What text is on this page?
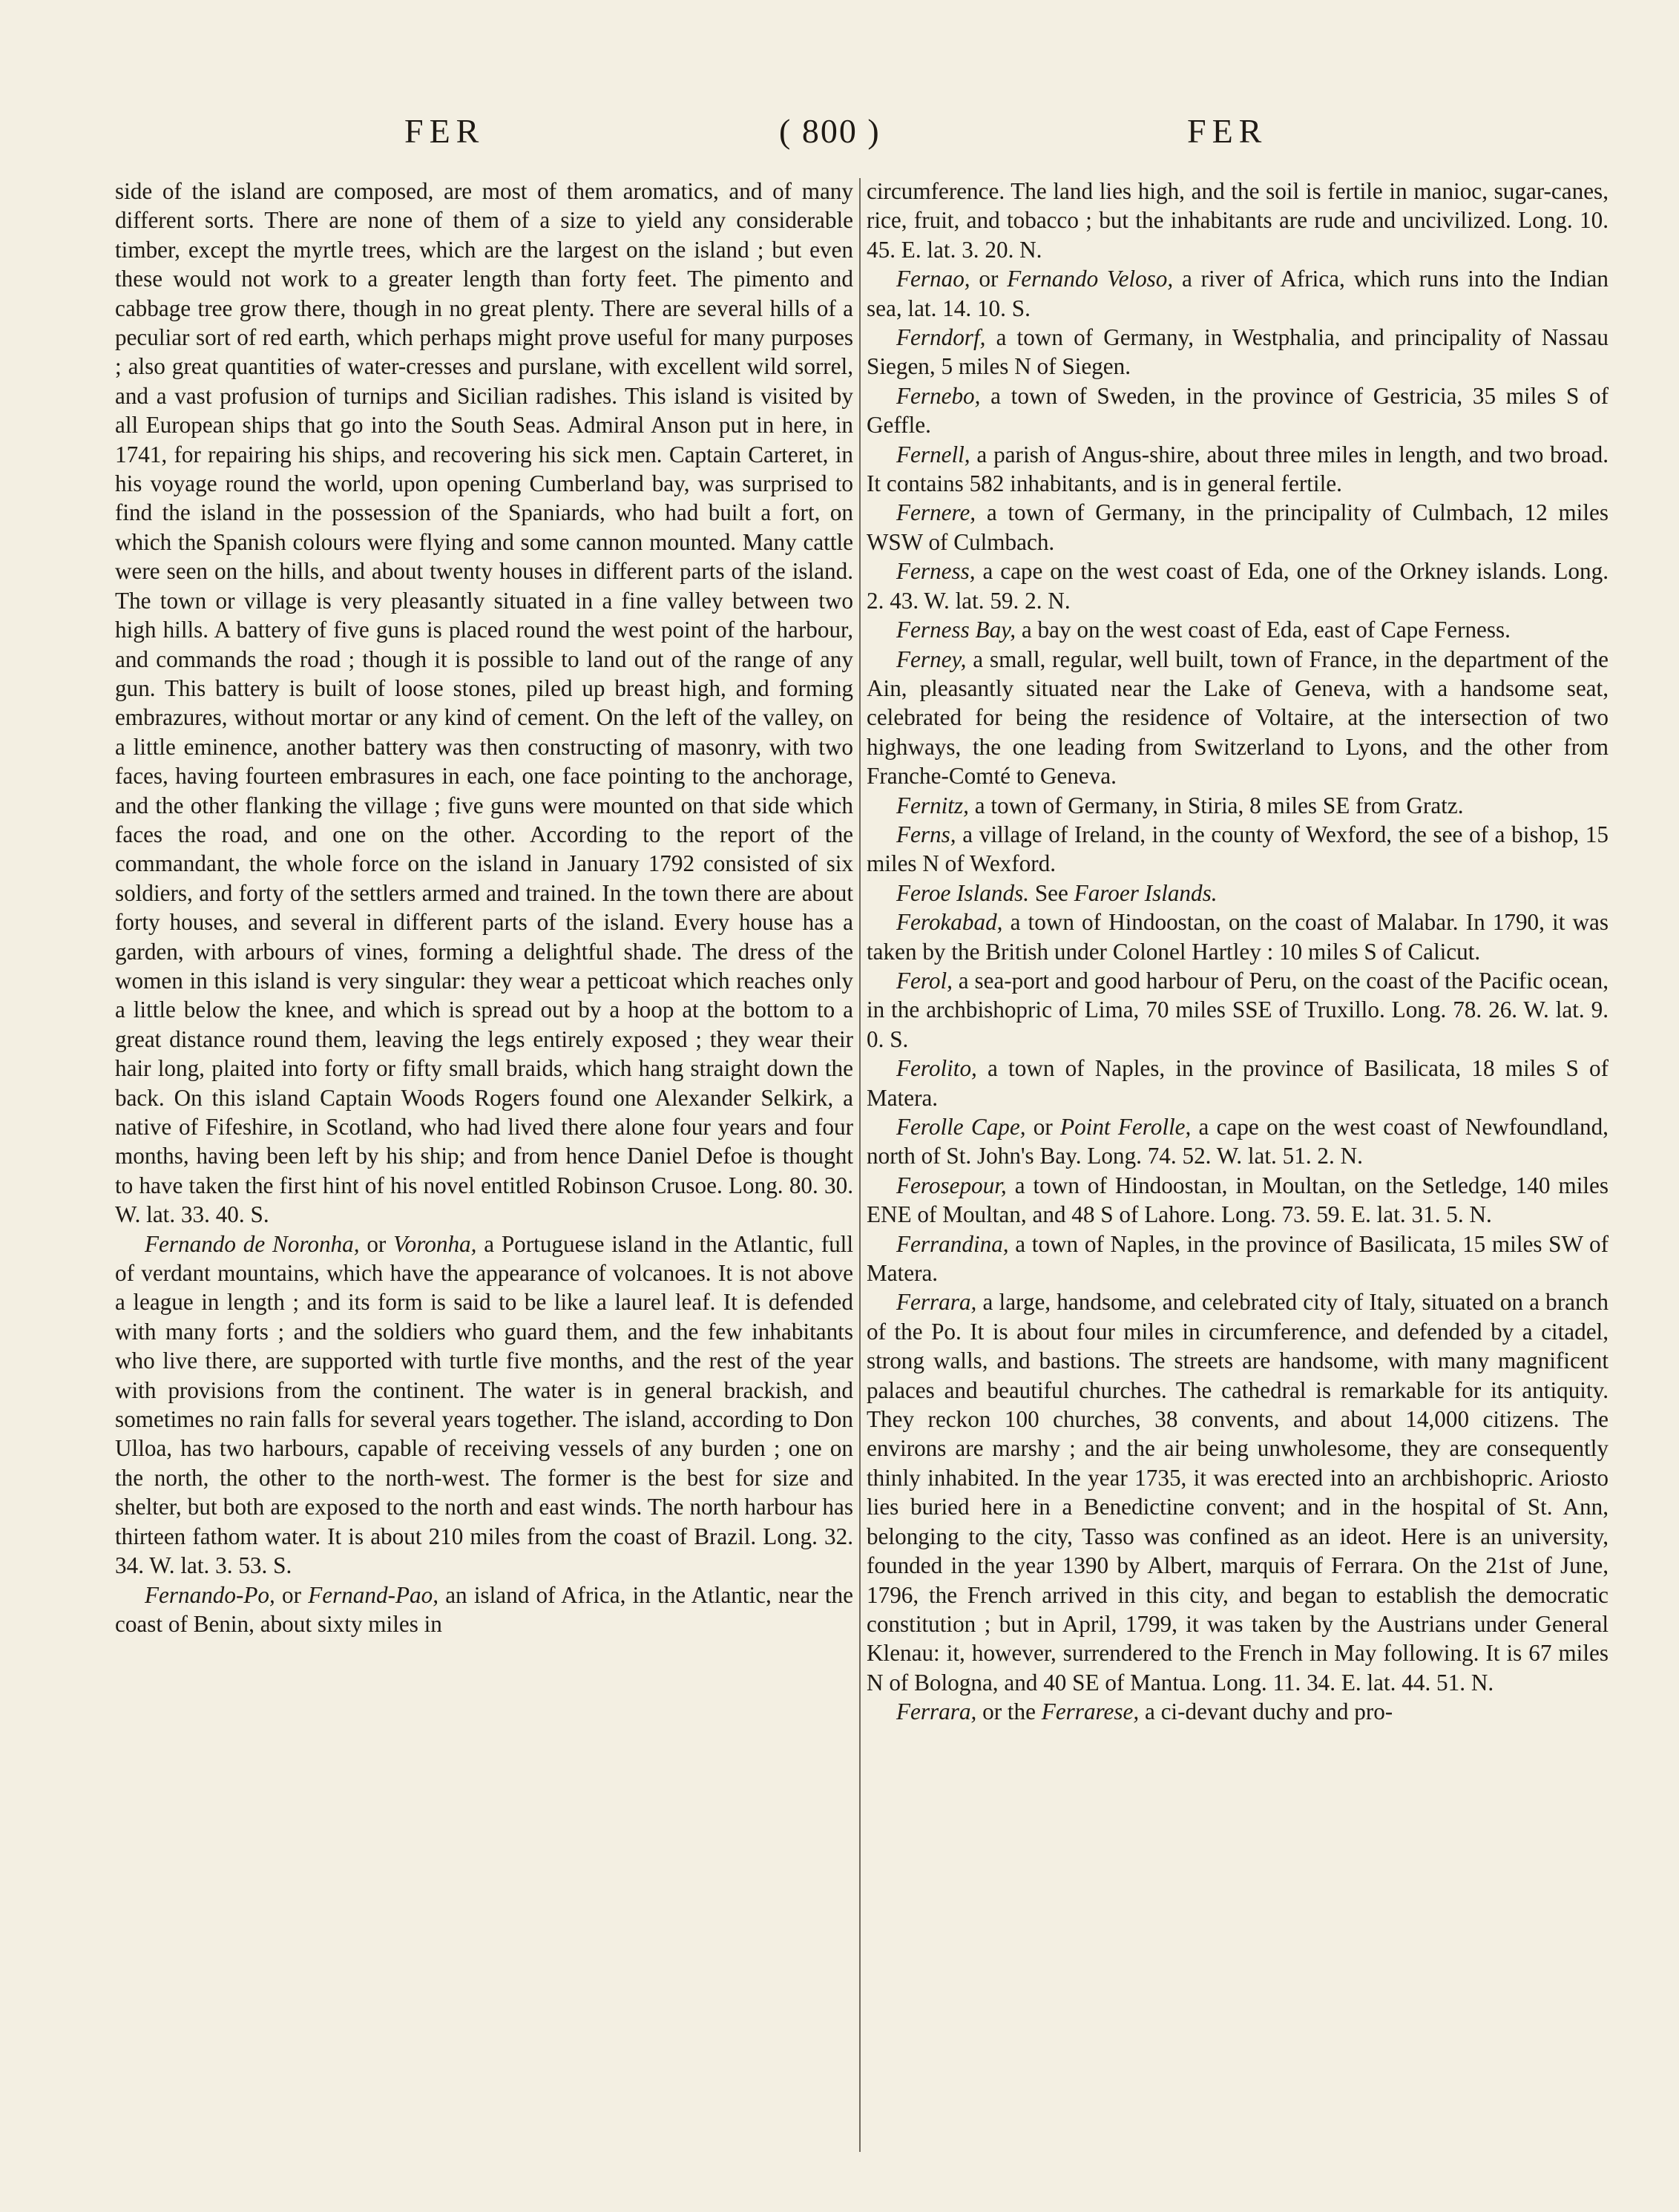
FER	( 800 )	FER

side of the island are composed, are most of them aromatics, and of many different sorts. There are none of them of a size to yield any considerable timber, except the myrtle trees, which are the largest on the island ; but even these would not work to a greater length than forty feet. The pimento and cabbage tree grow there, though in no great plenty. There are several hills of a peculiar sort of red earth, which perhaps might prove useful for many purposes ; also great quantities of water-cresses and purslane, with excellent wild sorrel, and a vast profusion of turnips and Sicilian radishes. This island is visited by all European ships that go into the South Seas. Admiral Anson put in here, in 1741, for repairing his ships, and recovering his sick men. Captain Carteret, in his voyage round the world, upon opening Cumberland bay, was surprised to find the island in the possession of the Spaniards, who had built a fort, on which the Spanish colours were flying and some cannon mounted. Many cattle were seen on the hills, and about twenty houses in different parts of the island. The town or village is very pleasantly situated in a fine valley between two high hills. A battery of five guns is placed round the west point of the harbour, and commands the road ; though it is possible to land out of the range of any gun. This battery is built of loose stones, piled up breast high, and forming embrazures, without mortar or any kind of cement. On the left of the valley, on a little eminence, another battery was then constructing of masonry, with two faces, having fourteen embrasures in each, one face pointing to the anchorage, and the other flanking the village ; five guns were mounted on that side which faces the road, and one on the other. According to the report of the commandant, the whole force on the island in January 1792 consisted of six soldiers, and forty of the settlers armed and trained. In the town there are about forty houses, and several in different parts of the island. Every house has a garden, with arbours of vines, forming a delightful shade. The dress of the women in this island is very singular: they wear a petticoat which reaches only a little below the knee, and which is spread out by a hoop at the bottom to a great distance round them, leaving the legs entirely exposed ; they wear their hair long, plaited into forty or fifty small braids, which hang straight down the back. On this island Captain Woods Rogers found one Alexander Selkirk, a native of Fifeshire, in Scotland, who had lived there alone four years and four months, having been left by his ship; and from hence Daniel Defoe is thought to have taken the first hint of his novel entitled Robinson Crusoe. Long. 80. 30. W. lat. 33. 40. S.

Fernando de Noronha, or Voronha, a Portuguese island in the Atlantic, full of verdant mountains, which have the appearance of volcanoes. It is not above a league in length ; and its form is said to be like a laurel leaf. It is defended with many forts ; and the soldiers who guard them, and the few inhabitants who live there, are supported with turtle five months, and the rest of the year with provisions from the continent. The water is in general brackish, and sometimes no rain falls for several years together. The island, according to Don Ulloa, has two harbours, capable of receiving vessels of any burden ; one on the north, the other to the north-west. The former is the best for size and shelter, but both are exposed to the north and east winds. The north harbour has thirteen fathom water. It is about 210 miles from the coast of Brazil. Long. 32. 34. W. lat. 3. 53. S.

Fernando-Po, or Fernand-Pao, an island of Africa, in the Atlantic, near the coast of Benin, about sixty miles in

circumference. The land lies high, and the soil is fertile in manioc, sugar-canes, rice, fruit, and tobacco ; but the inhabitants are rude and uncivilized. Long. 10. 45. E. lat. 3. 20. N.

Fernao, or Fernando Veloso, a river of Africa, which runs into the Indian sea, lat. 14. 10. S.

Ferndorf, a town of Germany, in Westphalia, and principality of Nassau Siegen, 5 miles N of Siegen.

Fernebo, a town of Sweden, in the province of Gestricia, 35 miles S of Geffle.

Fernell, a parish of Angus-shire, about three miles in length, and two broad. It contains 582 inhabitants, and is in general fertile.

Fernere, a town of Germany, in the principality of Culmbach, 12 miles WSW of Culmbach.

Ferness, a cape on the west coast of Eda, one of the Orkney islands. Long. 2. 43. W. lat. 59. 2. N.

Ferness Bay, a bay on the west coast of Eda, east of Cape Ferness.

Ferney, a small, regular, well built, town of France, in the department of the Ain, pleasantly situated near the Lake of Geneva, with a handsome seat, celebrated for being the residence of Voltaire, at the intersection of two highways, the one leading from Switzerland to Lyons, and the other from Franche-Comté to Geneva.

Fernitz, a town of Germany, in Stiria, 8 miles SE from Gratz.

Ferns, a village of Ireland, in the county of Wexford, the see of a bishop, 15 miles N of Wexford.

Feroe Islands. See Faroer Islands.

Ferokabad, a town of Hindoostan, on the coast of Malabar. In 1790, it was taken by the British under Colonel Hartley : 10 miles S of Calicut.

Ferol, a sea-port and good harbour of Peru, on the coast of the Pacific ocean, in the archbishopric of Lima, 70 miles SSE of Truxillo. Long. 78. 26. W. lat. 9. 0. S.

Ferolito, a town of Naples, in the province of Basilicata, 18 miles S of Matera.

Ferolle Cape, or Point Ferolle, a cape on the west coast of Newfoundland, north of St. John's Bay. Long. 74. 52. W. lat. 51. 2. N.

Ferosepour, a town of Hindoostan, in Moultan, on the Setledge, 140 miles ENE of Moultan, and 48 S of Lahore. Long. 73. 59. E. lat. 31. 5. N.

Ferrandina, a town of Naples, in the province of Basilicata, 15 miles SW of Matera.

Ferrara, a large, handsome, and celebrated city of Italy, situated on a branch of the Po. It is about four miles in circumference, and defended by a citadel, strong walls, and bastions. The streets are handsome, with many magnificent palaces and beautiful churches. The cathedral is remarkable for its antiquity. They reckon 100 churches, 38 convents, and about 14,000 citizens. The environs are marshy ; and the air being unwholesome, they are consequently thinly inhabited. In the year 1735, it was erected into an archbishopric. Ariosto lies buried here in a Benedictine convent; and in the hospital of St. Ann, belonging to the city, Tasso was confined as an ideot. Here is an university, founded in the year 1390 by Albert, marquis of Ferrara. On the 21st of June, 1796, the French arrived in this city, and began to establish the democratic constitution ; but in April, 1799, it was taken by the Austrians under General Klenau: it, however, surrendered to the French in May following. It is 67 miles N of Bologna, and 40 SE of Mantua. Long. 11. 34. E. lat. 44. 51. N.

Ferrara, or the Ferrarese, a ci-devant duchy and pro-
